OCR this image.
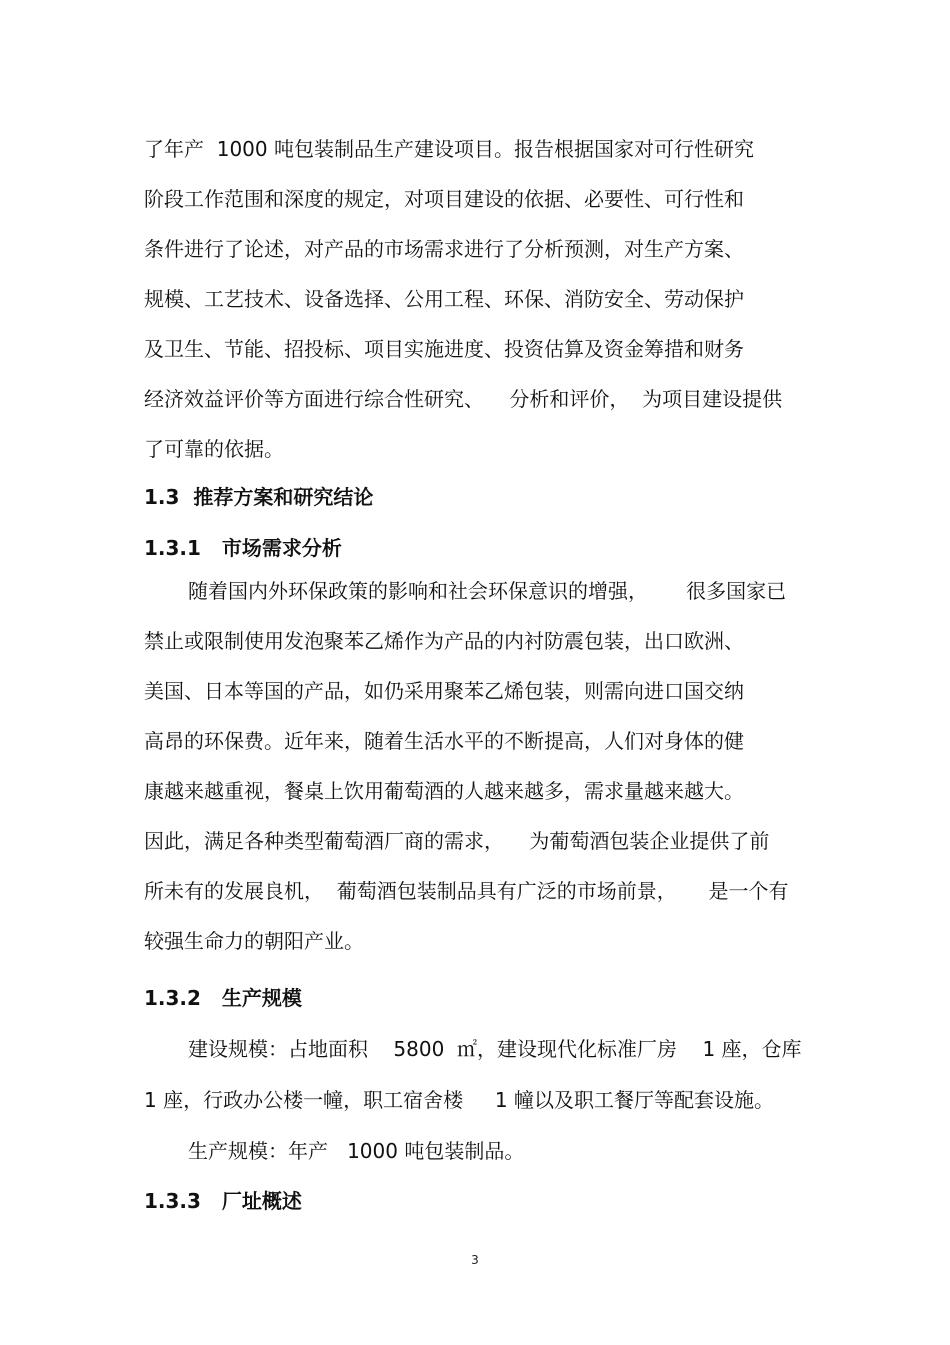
了年产  1000 吨包装制品生产建设项目。报告根据国家对可行性研究

阶段工作范围和深度的规定，对项目建设的依据、必要性、可行性和

条件进行了论述，对产品的市场需求进行了分析预测，对生产方案、

规模、工艺技术、设备选择、公用工程、环保、消防安全、劳动保护

及卫生、节能、招投标、项目实施进度、投资估算及资金筹措和财务

经济效益评价等方面进行综合性研究、    分析和评价，  为项目建设提供

了可靠的依据。

1.3  推荐方案和研究结论
1.3.1   市场需求分析

随着国内外环保政策的影响和社会环保意识的增强，      很多国家已

禁止或限制使用发泡聚苯乙烯作为产品的内衬防震包装，出口欧洲、

美国、日本等国的产品，如仍采用聚苯乙烯包装，则需向进口国交纳

高昂的环保费。近年来，随着生活水平的不断提高，人们对身体的健

康越来越重视，餐桌上饮用葡萄酒的人越来越多，需求量越来越大。

因此，满足各种类型葡萄酒厂商的需求，    为葡萄酒包装企业提供了前

所未有的发展良机，  葡萄酒包装制品具有广泛的市场前景，     是一个有

较强生命力的朝阳产业。

1.3.2   生产规模

建设规模：占地面积    5800  ㎡，建设现代化标准厂房    1 座，仓库

1 座，行政办公楼一幢，职工宿舍楼     1 幢以及职工餐厅等配套设施。

生产规模：年产   1000 吨包装制品。

1.3.3   厂址概述
3
